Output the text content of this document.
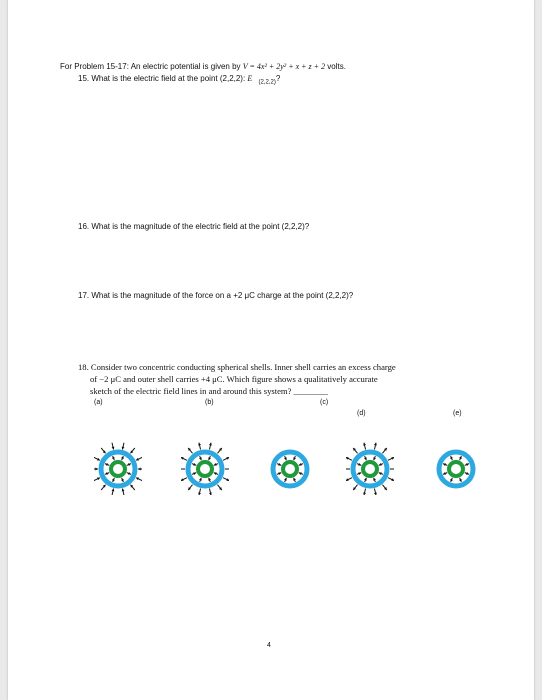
For Problem 15-17: An electric potential is given by V = 4x² + 2y² + x + z + 2 volts.
15. What is the electric field at the point (2,2,2): $E⃗_{(2,2,2)}$?
16. What is the magnitude of the electric field at the point (2,2,2)?
17. What is the magnitude of the force on a +2 μC charge at the point (2,2,2)?
18. Consider two concentric conducting spherical shells. Inner shell carries an excess charge
of −2 μC and outer shell carries +4 μC. Which figure shows a qualitatively accurate
sketch of the electric field lines in and around this system? ________
(a)	(b)	(c)
(d)	(e)
4
